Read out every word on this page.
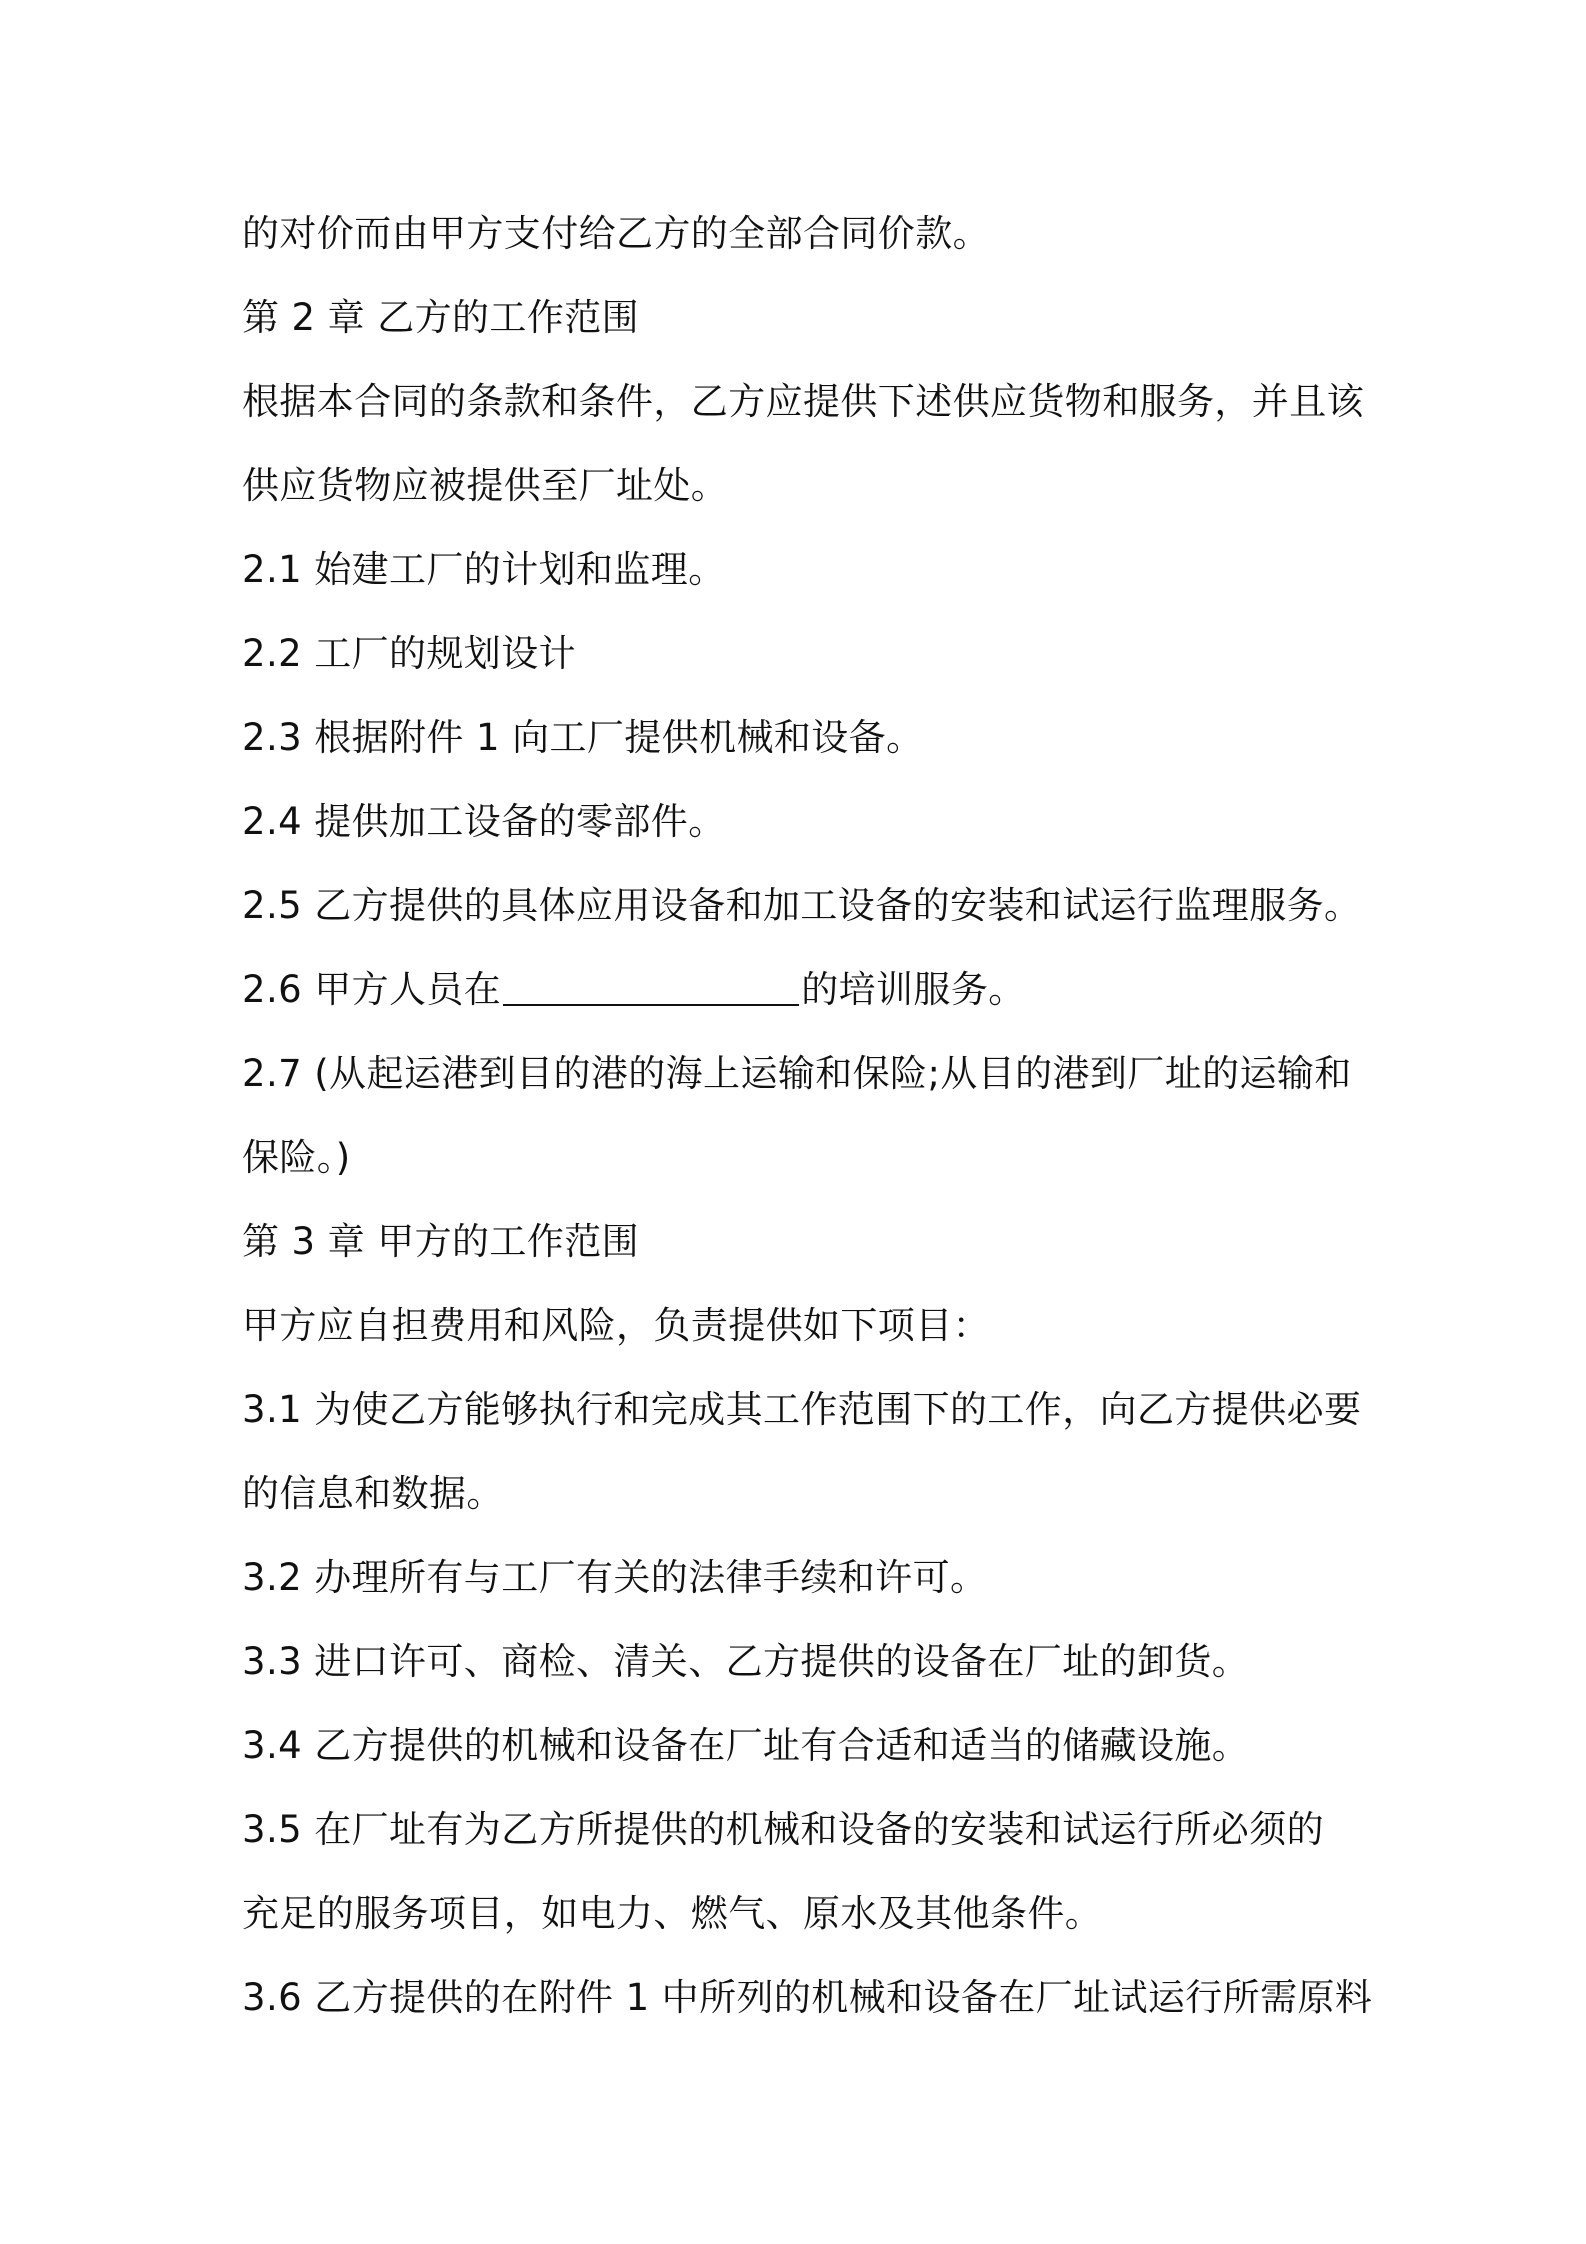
的对价而由甲方支付给乙方的全部合同价款。
第 2 章 乙方的工作范围
根据本合同的条款和条件，乙方应提供下述供应货物和服务，并且该
供应货物应被提供至厂址处。
2.1 始建工厂的计划和监理。
2.2 工厂的规划设计
2.3 根据附件 1 向工厂提供机械和设备。
2.4 提供加工设备的零部件。
2.5 乙方提供的具体应用设备和加工设备的安装和试运行监理服务。
2.6 甲方人员在	的培训服务。
2.7 (从起运港到目的港的海上运输和保险;从目的港到厂址的运输和
保险。)
第 3 章 甲方的工作范围
甲方应自担费用和风险，负责提供如下项目：
3.1 为使乙方能够执行和完成其工作范围下的工作，向乙方提供必要
的信息和数据。
3.2 办理所有与工厂有关的法律手续和许可。
3.3 进口许可、商检、清关、乙方提供的设备在厂址的卸货。
3.4 乙方提供的机械和设备在厂址有合适和适当的储藏设施。
3.5 在厂址有为乙方所提供的机械和设备的安装和试运行所必须的
充足的服务项目，如电力、燃气、原水及其他条件。
3.6 乙方提供的在附件 1 中所列的机械和设备在厂址试运行所需原料
